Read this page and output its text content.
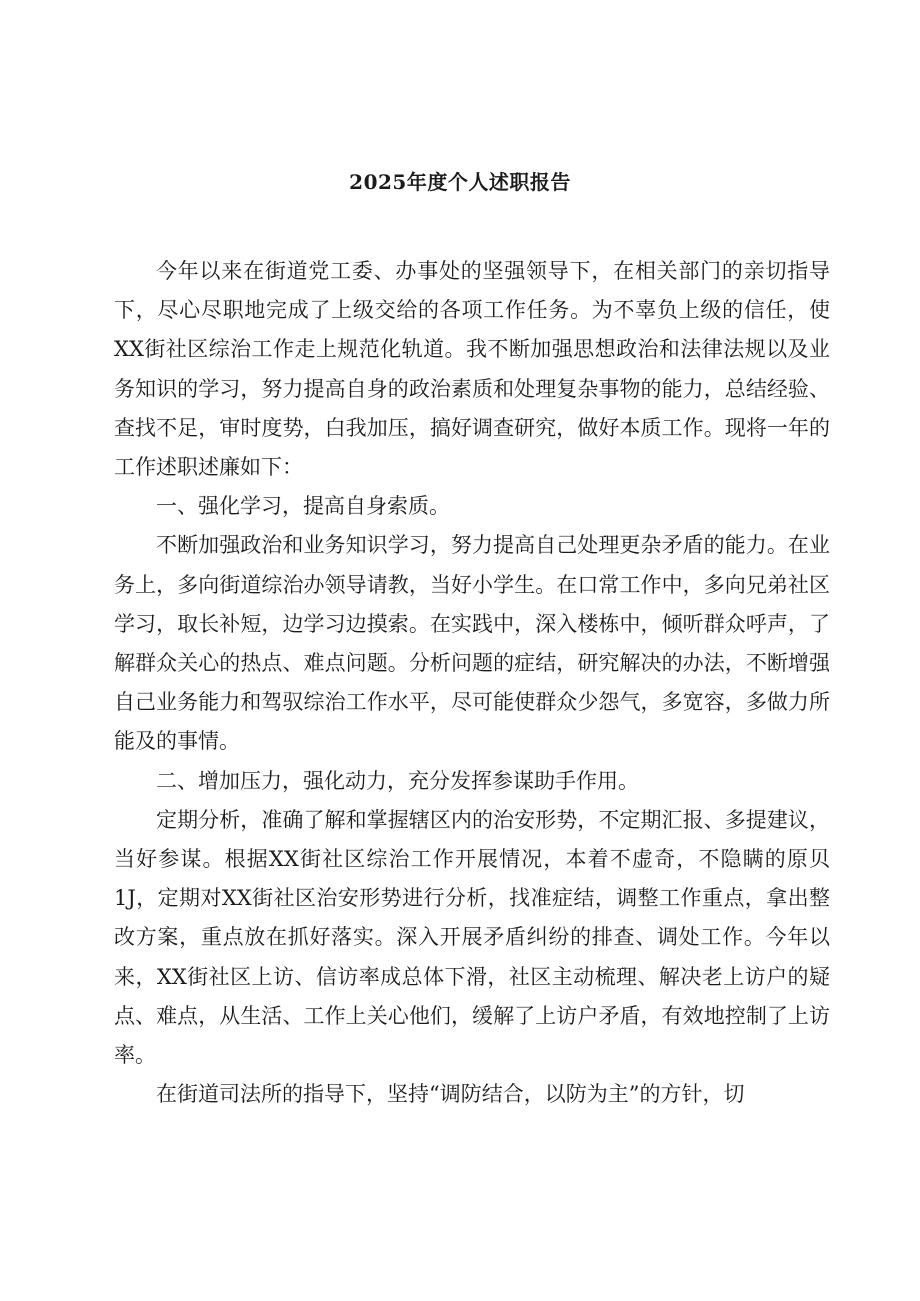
2025年度个人述职报告

今年以来在街道党工委、办事处的坚强领导下，在相关部门的亲切指导下，尽心尽职地完成了上级交给的各项工作任务。为不辜负上级的信任，使XX街社区综治工作走上规范化轨道。我不断加强思想政治和法律法规以及业务知识的学习，努力提高自身的政治素质和处理复杂事物的能力，总结经验、查找不足，审时度势，白我加压，搞好调查研究，做好本质工作。现将一年的工作述职述廉如下：

一、强化学习，提高自身索质。

不断加强政治和业务知识学习，努力提高自己处理更杂矛盾的能力。在业务上，多向街道综治办领导请教，当好小学生。在口常工作中，多向兄弟社区学习，取长补短，边学习边摸索。在实践中，深入楼栋中，倾听群众呼声，了解群众关心的热点、难点问题。分析问题的症结，研究解决的办法，不断增强自己业务能力和驾驭综治工作水平，尽可能使群众少怨气，多宽容，多做力所能及的事情。

二、增加压力，强化动力，充分发挥参谋助手作用。

定期分析，准确了解和掌握辖区内的治安形势，不定期汇报、多提建议，当好参谋。根据XX街社区综治工作开展情况，本着不虚奇，不隐瞒的原贝1J，定期对XX街社区治安形势进行分析，找准症结，调整工作重点，拿出整改方案，重点放在抓好落实。深入开展矛盾纠纷的排查、调处工作。今年以来，XX街社区上访、信访率成总体下滑，社区主动梳理、解决老上访户的疑点、难点，从生活、工作上关心他们，缓解了上访户矛盾，有效地控制了上访率。

在街道司法所的指导下，坚持“调防结合，以防为主”的方针，切
